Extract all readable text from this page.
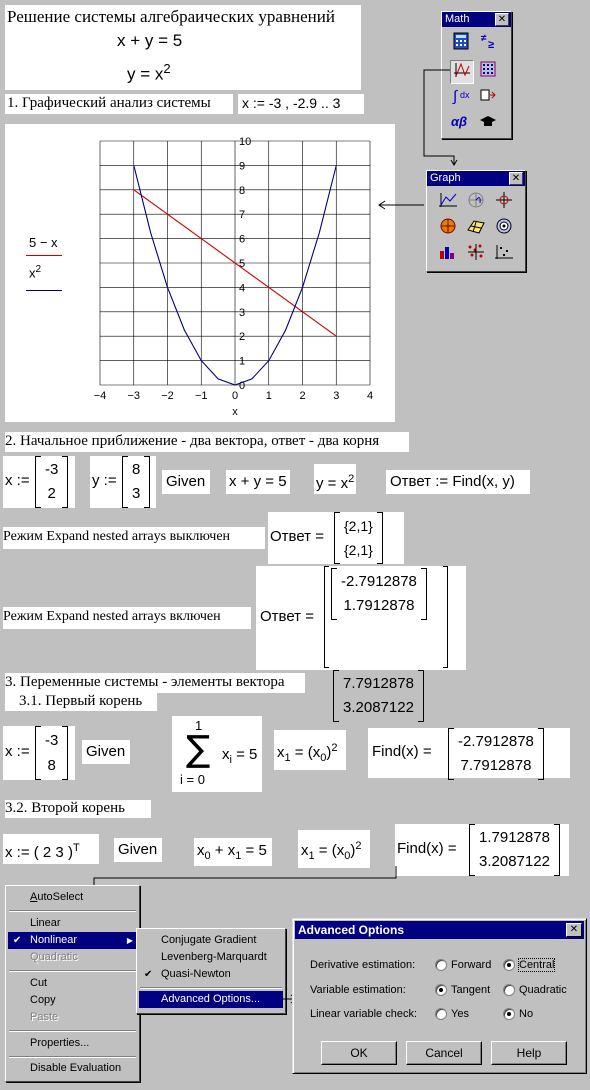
Решение системы алгебраических уравнений
x + y = 5
$y = x^2$
1. Графический анализ системы x := -3 , -2.9 .. 3
5 − x
$x^2$
−4 −3 −2 −1 0	1	2	3	4
0
1
2
3
4
5
6
7
8
9
10
x
Math	✕
≠
≥
∫ dx
αβ
Graph	✕
2. Начальное приближение - два вектора, ответ - два корня
x :=
-3
2
y :=
8
3
Given x + y = 5 $y = x^2$ Ответ := Find(x, y)
Режим Expand nested arrays выключен	Ответ =
{2,1}
{2,1}
Режим Expand nested arrays включен	Ответ =
-2.7912878
1.7912878

7.7912878
3.2087122
3. Переменные системы - элементы вектора
3.1. Первый корень
x :=
-3
8
Given
1
∑ $x_i = 5$
i = 0
$x_1 = (x_0)^2$ Find(x) =
-2.7912878
7.7912878
3.2. Второй корень
x := ( 2 3 )$^T$	Given	$x_0 + x_1 = 5$ $x_1 = (x_0)^2$ Find(x) =
1.7912878
3.2087122
AutoSelect
Linear
✔ Nonlinear	▶
Quadratic
Cut
Copy
Paste
Properties...
Disable Evaluation
Conjugate Gradient
Levenberg-Marquardt
✔ Quasi-Newton
Advanced Options...
Advanced Options	✕
Derivative estimation:	Forward	Central
Variable estimation:	Tangent	Quadratic
Linear variable check:	Yes	No
OK	Cancel	Help
